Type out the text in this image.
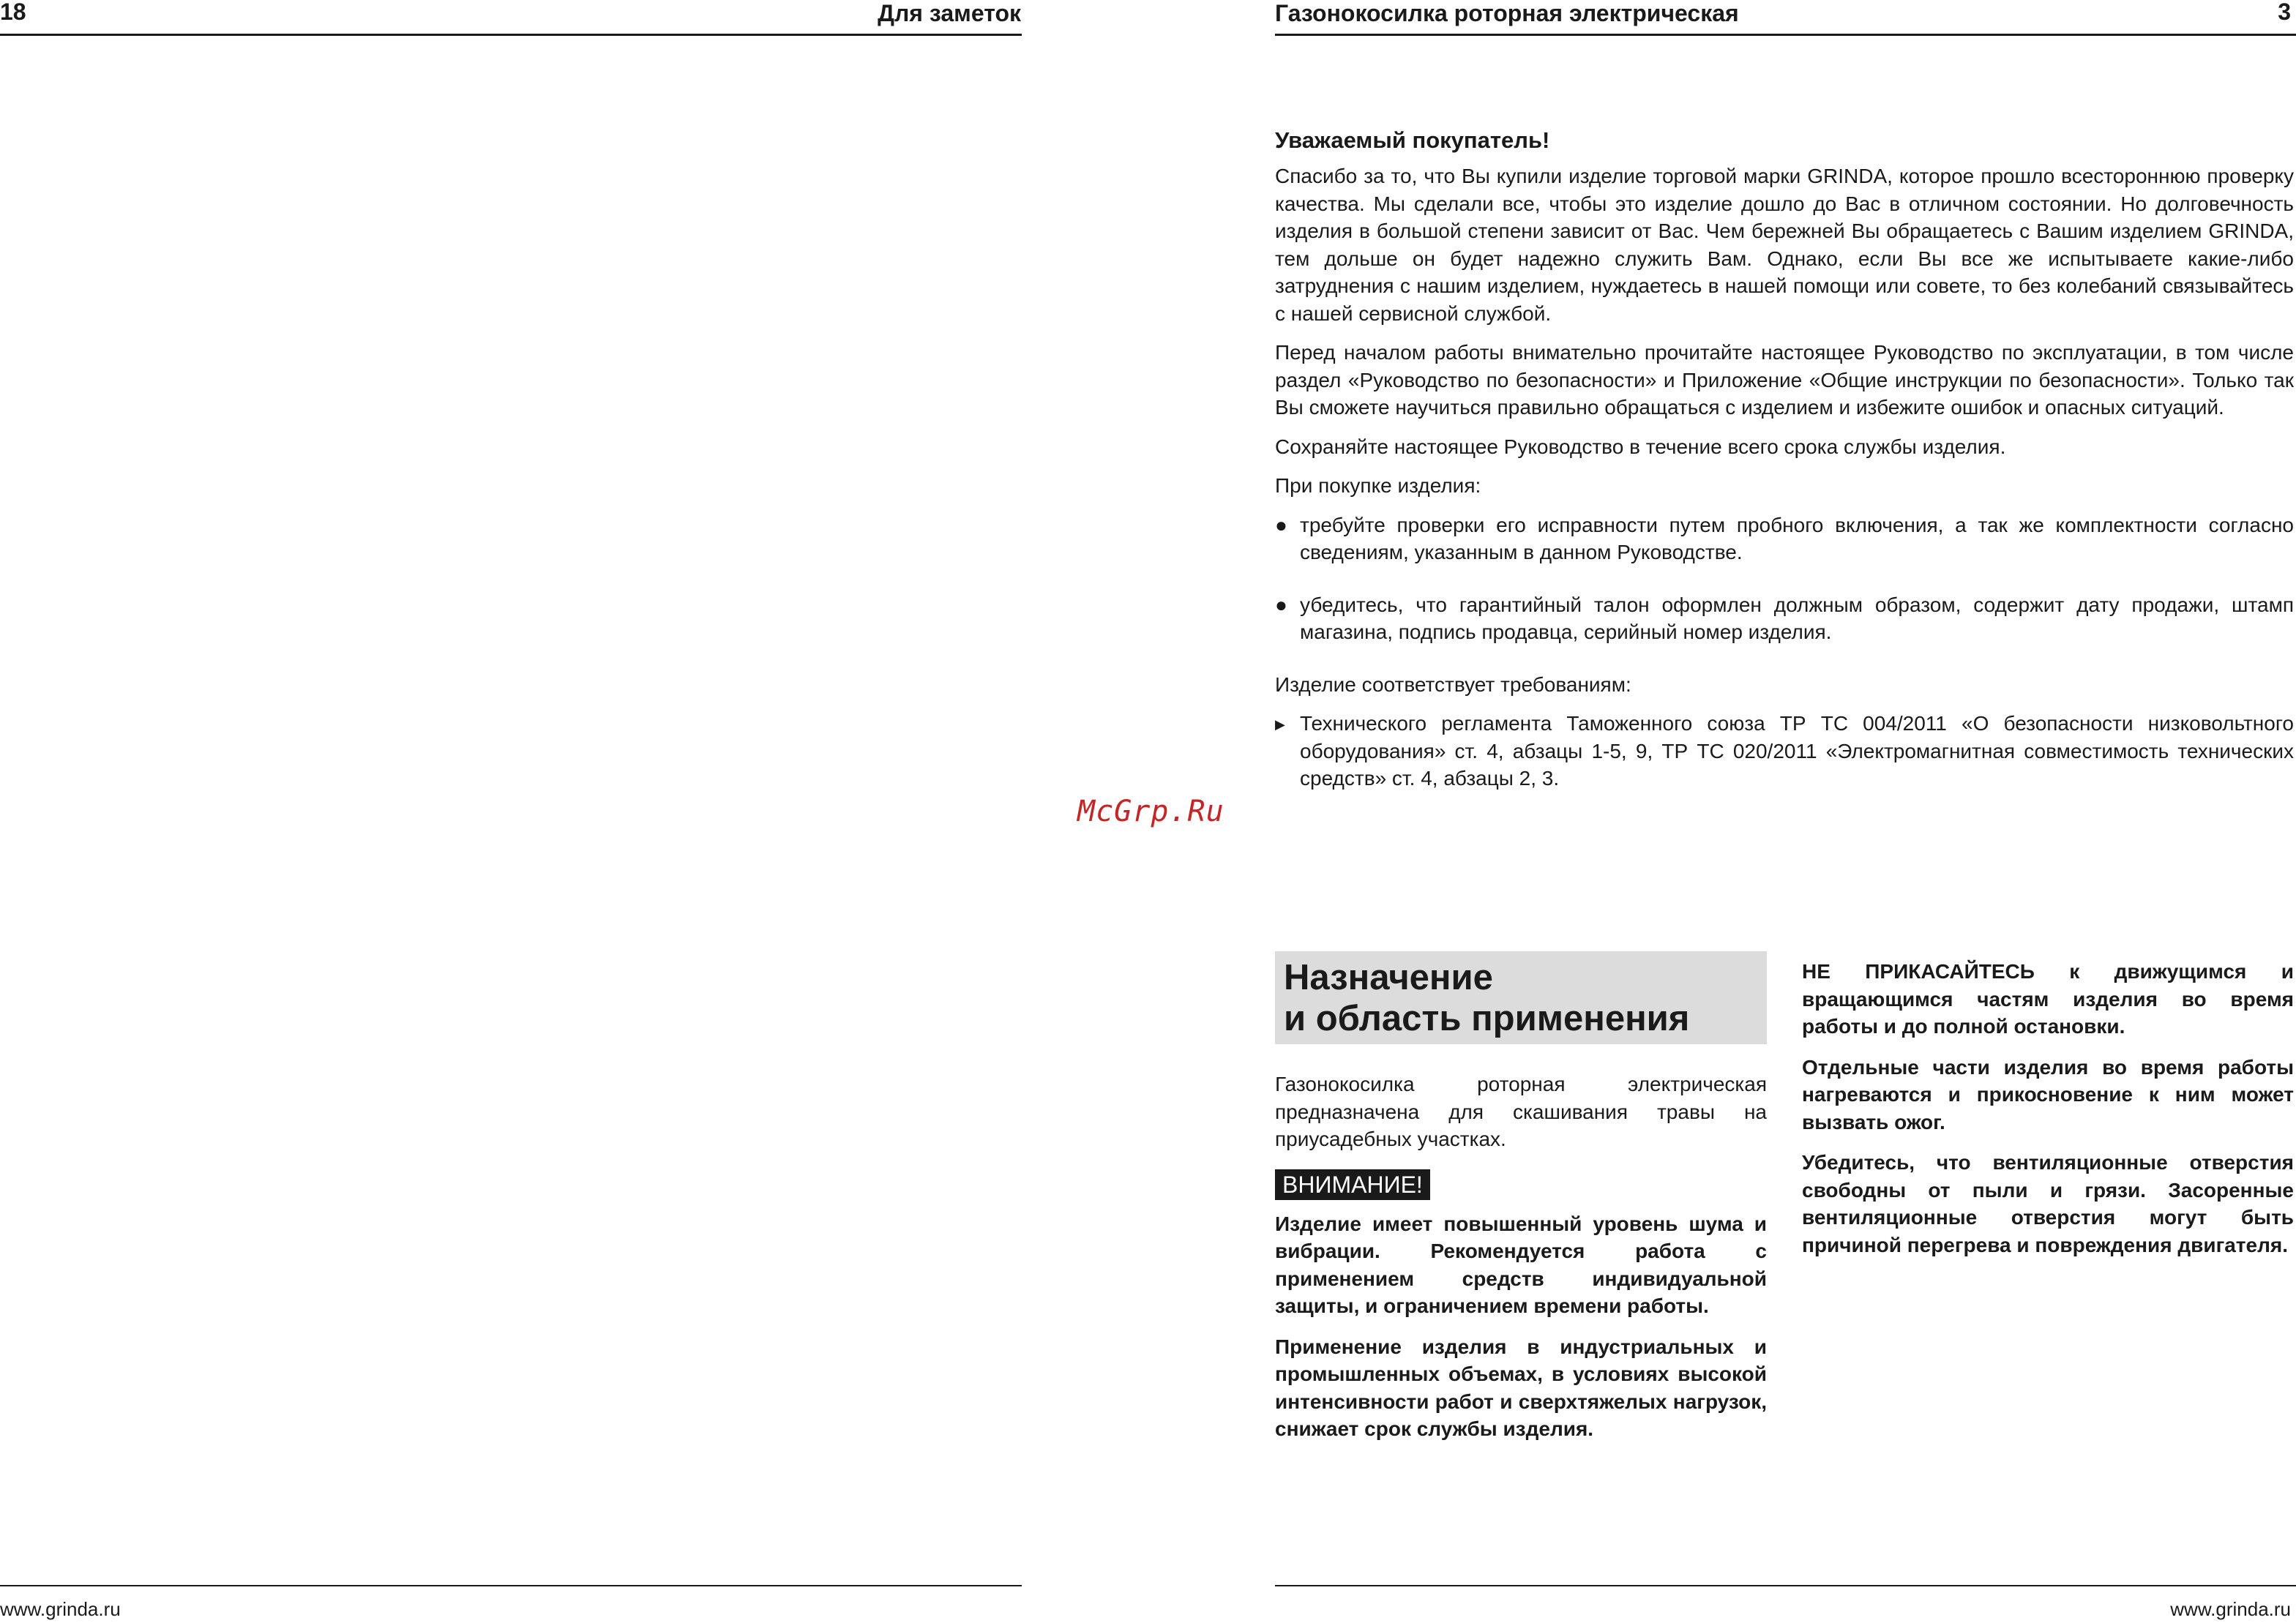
18	Для заметок
www.grinda.ru
Газонокосилка роторная электрическая	3
www.grinda.ru
McGrp.Ru
Уважаемый покупатель!

Спасибо за то, что Вы купили изделие торговой марки GRINDA, которое прошло всестороннюю проверку качества. Мы сделали все, чтобы это изделие дошло до Вас в отличном состоянии. Но долговечность изделия в большой степени зависит от Вас. Чем бережней Вы обращаетесь с Вашим изделием GRINDA, тем дольше он будет надежно служить Вам. Однако, если Вы все же испытываете какие-либо затруднения с нашим изделием, нуждаетесь в нашей помощи или совете, то без колебаний связывайтесь с нашей сервисной службой.

Перед началом работы внимательно прочитайте настоящее Руководство по эксплуатации, в том числе раздел «Руководство по безопасности» и Приложение «Общие инструкции по безопасности». Только так Вы сможете научиться правильно обращаться с изделием и избежите ошибок и опасных ситуаций.

Сохраняйте настоящее Руководство в течение всего срока службы изделия.

При покупке изделия:

● требуйте проверки его исправности путем пробного включения, а так же комплектности согласно сведениям, указанным в данном Руководстве.
● убедитесь, что гарантийный талон оформлен должным образом, содержит дату продажи, штамп магазина, подпись продавца, серийный номер изделия.

Изделие соответствует требованиям:

▶ Технического регламента Таможенного союза ТР ТС 004/2011 «О безопасности низковольтного оборудования» ст. 4, абзацы 1-5, 9, ТР ТС 020/2011 «Электромагнитная совместимость технических средств» ст. 4, абзацы 2, 3.
Назначение
и область применения

Газонокосилка роторная электрическая предназначена для скашивания травы на приусадебных участках.

ВНИМАНИЕ!

Изделие имеет повышенный уровень шума и вибрации. Рекомендуется работа с применением средств индивидуальной защиты, и ограничением времени работы.

Применение изделия в индустриальных и промышленных объемах, в условиях высокой интенсивности работ и сверхтяжелых нагрузок, снижает срок службы изделия.

НЕ ПРИКАСАЙТЕСЬ к движущимся и вращающимся частям изделия во время работы и до полной остановки.

Отдельные части изделия во время работы нагреваются и прикосновение к ним может вызвать ожог.

Убедитесь, что вентиляционные отверстия свободны от пыли и грязи. Засоренные вентиляционные отверстия могут быть причиной перегрева и повреждения двигателя.
